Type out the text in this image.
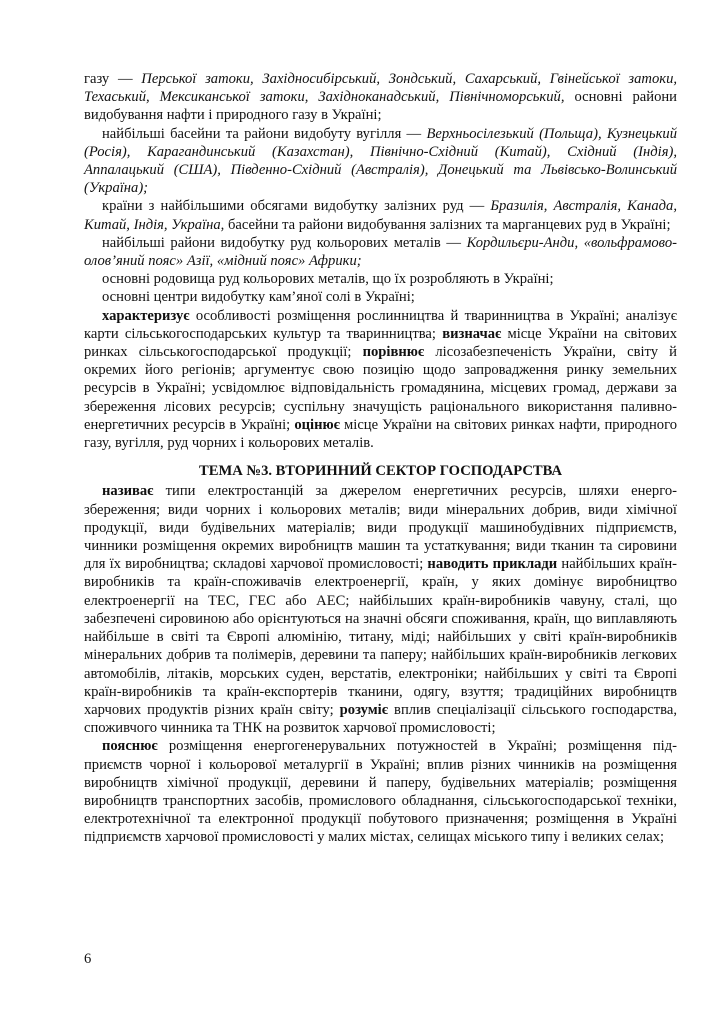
газу — Перської затоки, Західносибірський, Зондський, Сахарський, Гвінейської затоки, Техаський, Мексиканської затоки, Західноканадський, Північноморський, основні райони видобування нафти і природного газу в Україні;

найбільші басейни та райони видобуту вугілля — Верхньосілезький (Польща), Кузнецький (Росія), Карагандинський (Казахстан), Північно-Східний (Китай), Східний (Індія), Аппалацький (США), Південно-Східний (Австралія), Донецький та Львівсько-Волинський (Україна);

країни з найбільшими обсягами видобутку залізних руд — Бразилія, Австралія, Канада, Китай, Індія, Україна, басейни та райони видобування залізних та марганцевих руд в Україні;

найбільші райони видобутку руд кольорових металів — Кордильєри-Анди, «вольфрамово-олов’яний пояс» Азії, «мідний пояс» Африки;

основні родовища руд кольорових металів, що їх розробляють в Україні;

основні центри видобутку кам’яної солі в Україні;

характеризує особливості розміщення рослинництва й тваринництва в Україні; аналізує карти сільськогосподарських культур та тваринництва; визначає місце України на світових ринках сільськогосподарської продукції; порівнює лісозабезпеченість України, світу й окремих його регіонів; аргументує свою позицію щодо запровадження ринку земельних ресурсів в Україні; усвідомлює відповідальність громадянина, місцевих громад, держави за збереження лісових ресурсів; суспільну значущість раціонального використання паливно-енергетичних ресурсів в Україні; оцінює місце України на світових ринках нафти, природного газу, вугілля, руд чорних і кольорових металів.

ТЕМА №3. ВТОРИННИЙ СЕКТОР ГОСПОДАРСТВА

називає типи електростанцій за джерелом енергетичних ресурсів, шляхи енергозбереження; види чорних і кольорових металів; види мінеральних добрив, види хімічної продукції, види будівельних матеріалів; види продукції машинобудівних підприємств, чинники розміщення окремих виробництв машин та устаткування; види тканин та сировини для їх виробництва; складові харчової промисловості; наводить приклади найбільших країн-виробників та країн-споживачів електроенергії, країн, у яких домінує виробництво електроенергії на ТЕС, ГЕС або АЕС; найбільших країн-виробників чавуну, сталі, що забезпечені сировиною або орієнтуються на значні обсяги споживання, країн, що виплавляють найбільше в світі та Європі алюмінію, титану, міді; найбільших у світі країн-виробників мінеральних добрив та полімерів, деревини та паперу; найбільших країн-виробників легкових автомобілів, літаків, морських суден, верстатів, електроніки; найбільших у світі та Європі країн-виробників та країн-експортерів тканини, одягу, взуття; традиційних виробництв харчових продуктів різних країн світу; розуміє вплив спеціалізації сільського господарства, споживчого чинника та ТНК на розвиток харчової промисловості;

пояснює розміщення енергогенерувальних потужностей в Україні; розміщення підприємств чорної і кольорової металургії в Україні; вплив різних чинників на розміщення виробництв хімічної продукції, деревини й паперу, будівельних матеріалів; розміщення виробництв транспортних засобів, промислового обладнання, сільськогосподарської техніки, електротехнічної та електронної продукції побутового призначення; розміщення в Україні підприємств харчової промисловості у малих містах, селищах міського типу і великих селах;

6
